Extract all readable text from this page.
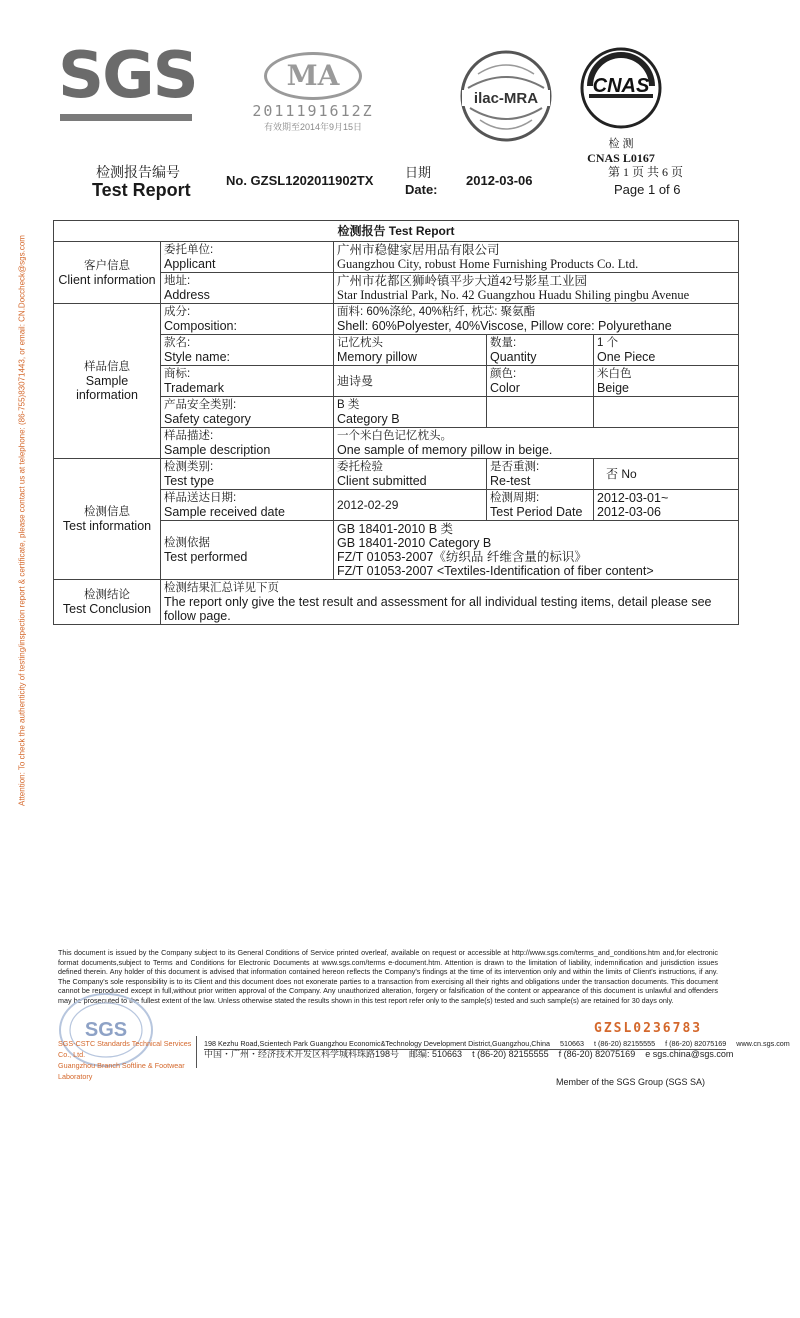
SGS	MA
2011191612Z
有效期至2014年9月15日
ilac-MRA
CNAS
检 测
CNAS L0167
检测报告编号
Test Report	No. GZSL1202011902TX
日期
Date:
2012-03-06
第 1 页 共 6 页
Page 1 of 6
Attention: To check the authenticity of testing/inspection report & certificate, please contact us at telephone: (86-755)83071443, or email: CN.Doccheck@sgs.com
检测报告 Test Report				

客户信息
Client information	委托单位:
Applicant	广州市稳健家居用品有限公司
Guangzhou City, robust Home Furnishing Products Co. Ltd.		

	地址:
Address	广州市花都区狮岭镇平步大道42号影星工业园
Star Industrial Park, No. 42 Guangzhou Huadu Shiling pingbu Avenue		

样品信息
Sample information	成分:
Composition:	面料: 60%涤纶, 40%粘纤, 枕芯: 聚氨酯
Shell: 60%Polyester, 40%Viscose, Pillow core: Polyurethane		

	款名:
Style name:	记忆枕头
Memory pillow	数量:
Quantity	1 个
One Piece

	商标:
Trademark	迪诗曼	颜色:
Color	米白色
Beige

	产品安全类别:
Safety category	B 类
Category B		

	样品描述:
Sample description	一个米白色记忆枕头。
One sample of memory pillow in beige.		

检测信息
Test information	检测类别:
Test type	委托检验
Client submitted	是否重测:
Re-test	否 No

	样品送达日期:
Sample received date	2012-02-29	检测周期:
Test Period Date	2012-03-01~
2012-03-06

	检测依据
Test performed	GB 18401-2010 B 类
GB 18401-2010 Category B
FZ/T 01053-2007《纺织品 纤维含量的标识》
FZ/T 01053-2007 <Textiles-Identification of fiber content>		

检测结论
Test Conclusion	检测结果汇总详见下页
The report only give the test result and assessment for all individual testing items, detail please see follow page.			
This document is issued by the Company subject to its General Conditions of Service printed overleaf, available on request or accessible at http://www.sgs.com/terms_and_conditions.htm and,for electronic format documents,subject to Terms and Conditions for Electronic Documents at www.sgs.com/terms e-document.htm. Attention is drawn to the limitation of liability, indemnification and jurisdiction issues defined therein. Any holder of this document is advised that information contained hereon reflects the Company's findings at the time of its intervention only and within the limits of Client's instructions, if any. The Company's sole responsibility is to its Client and this document does not exonerate parties to a transaction from exercising all their rights and obligations under the transaction documents. This document cannot be reproduced except in full,without prior written approval of the Company. Any unauthorized alteration, forgery or falsification of the content or appearance of this document is unlawful and offenders may be prosecuted to the fullest extent of the law. Unless otherwise stated the results shown in this test report refer only to the sample(s) tested and such sample(s) are retained for 30 days only.
SGS	GZSL0236783
SGS-CSTC Standards Technical Services Co., Ltd.
Guangzhou Branch Softline & Footwear Laboratory
198 Kezhu Road,Scientech Park Guangzhou Economic&Technology Development District,Guangzhou,China 510663 t (86-20) 82155555 f (86-20) 82075169 www.cn.sgs.com
中国・广州・经济技术开发区科学城科珠路198号 邮编: 510663 t (86-20) 82155555 f (86-20) 82075169 e sgs.china@sgs.com
Member of the SGS Group (SGS SA)
